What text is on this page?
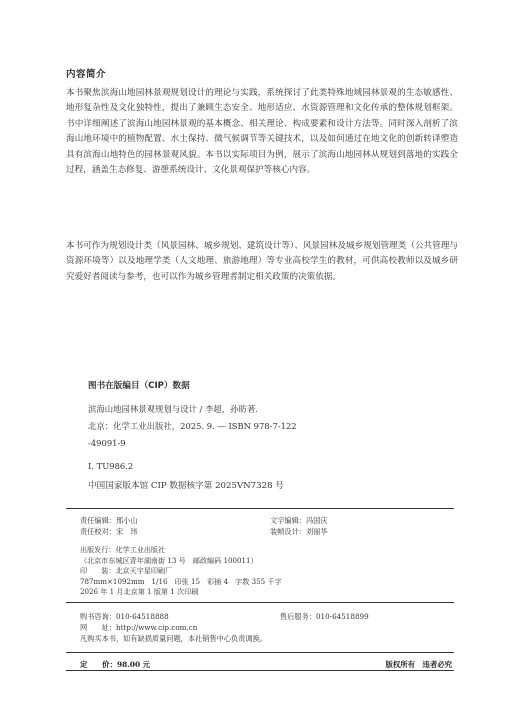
内容简介
本书聚焦滨海山地园林景观规划设计的理论与实践，系统探讨了此类特殊地域园林景观的生态敏感性、地形复杂性及文化独特性，提出了兼顾生态安全、地形适应、水资源管理和文化传承的整体规划框架。书中详细阐述了滨海山地园林景观的基本概念、相关理论、构成要素和设计方法等。同时深入剖析了滨海山地环境中的植物配置、水土保持、微气候调节等关键技术，以及如何通过在地文化的创新转译塑造具有滨海山地特色的园林景观风貌。本书以实际项目为例，展示了滨海山地园林从规划到落地的实践全过程，涵盖生态修复、游憩系统设计、文化景观保护等核心内容。
本书可作为规划设计类（风景园林、城乡规划、建筑设计等）、风景园林及城乡规划管理类（公共管理与资源环境等）以及地理学类（人文地理、旅游地理）等专业高校学生的教材，可供高校教师以及城乡研究爱好者阅读与参考，也可以作为城乡管理者制定相关政策的决策依据。
图书在版编目（CIP）数据
滨海山地园林景观规划与设计 / 李超，孙昉著.
北京：化学工业出版社，2025. 9. — ISBN 978-7-122
-49091-9
Ⅰ. TU986.2
中国国家版本馆 CIP 数据核字第 2025VN7328 号
责任编辑：邢小山	文字编辑：冯国庆
责任校对：宋　玮	装帧设计：刘丽华
出版发行：化学工业出版社
（北京市东城区青年湖南街 13 号　邮政编码 100011）
印　　装：北京天宇星印刷厂
787mm×1092mm　1/16　印张 15　彩插 4　字数 355 千字
2026 年 1 月北京第 1 版第 1 次印刷
购书咨询：010-64518888	售后服务：010-64518899
网　　址：http://www.cip.com.cn
凡购买本书，如有缺损质量问题，本社销售中心负责调换。
定　　价：98.00 元	版权所有　违者必究
